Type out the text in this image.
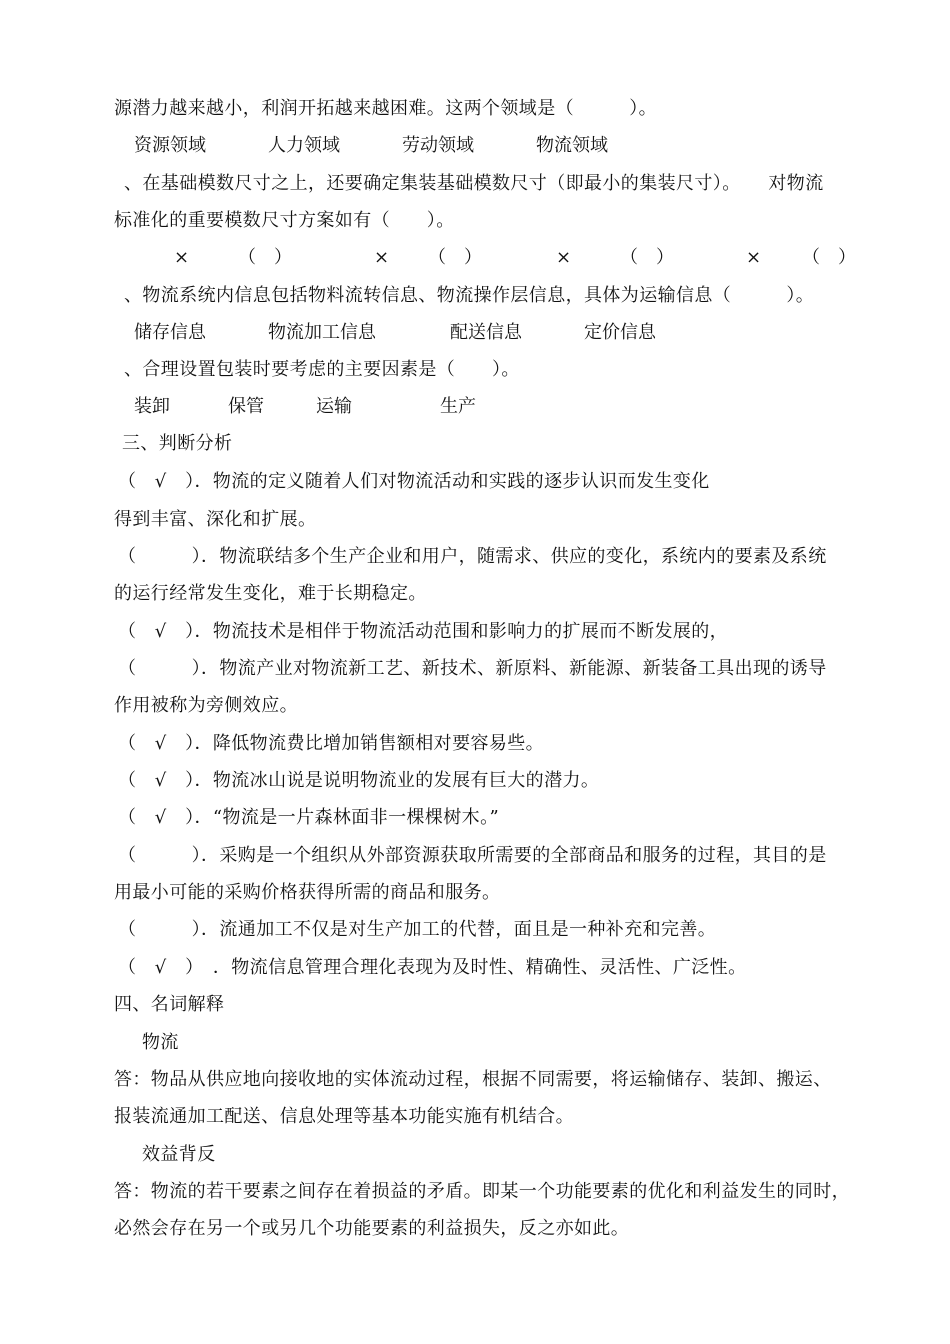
源潜力越来越小，利润开拓越来越困难。这两个领域是（　　　）。
资源领域	人力领域	劳动领域	物流领域
、在基础模数尺寸之上，还要确定集装基础模数尺寸（即最小的集装尺寸）。　　对物流
标准化的重要模数尺寸方案如有（　　）。
×	（　）	× （　）	×	（　）	× （　）
、物流系统内信息包括物料流转信息、物流操作层信息，具体为运输信息（　　　）。
储存信息	物流加工信息	配送信息	定价信息
、合理设置包装时要考虑的主要因素是（　　）。
装卸	保管	运输	生产
三、判断分析
（　√　）．物流的定义随着人们对物流活动和实践的逐步认识而发生变化
得到丰富、深化和扩展。
（　　　）．物流联结多个生产企业和用户，随需求、供应的变化，系统内的要素及系统
的运行经常发生变化，难于长期稳定。
（　√　）．物流技术是相伴于物流活动范围和影响力的扩展而不断发展的，
（　　　）．物流产业对物流新工艺、新技术、新原料、新能源、新装备工具出现的诱导
作用被称为旁侧效应。
（　√　）．降低物流费比增加销售额相对要容易些。
（　√　）．物流冰山说是说明物流业的发展有巨大的潜力。
（　√　）．“物流是一片森林面非一棵棵树木。”
（　　　）．采购是一个组织从外部资源获取所需要的全部商品和服务的过程，其目的是
用最小可能的采购价格获得所需的商品和服务。
（　　　）．流通加工不仅是对生产加工的代替，面且是一种补充和完善。
（　√　）　．物流信息管理合理化表现为及时性、精确性、灵活性、广泛性。
四、名词解释
物流
答：物品从供应地向接收地的实体流动过程，根据不同需要，将运输储存、装卸、搬运、
报装流通加工配送、信息处理等基本功能实施有机结合。
效益背反
答：物流的若干要素之间存在着损益的矛盾。即某一个功能要素的优化和利益发生的同时，
必然会存在另一个或另几个功能要素的利益损失，反之亦如此。
